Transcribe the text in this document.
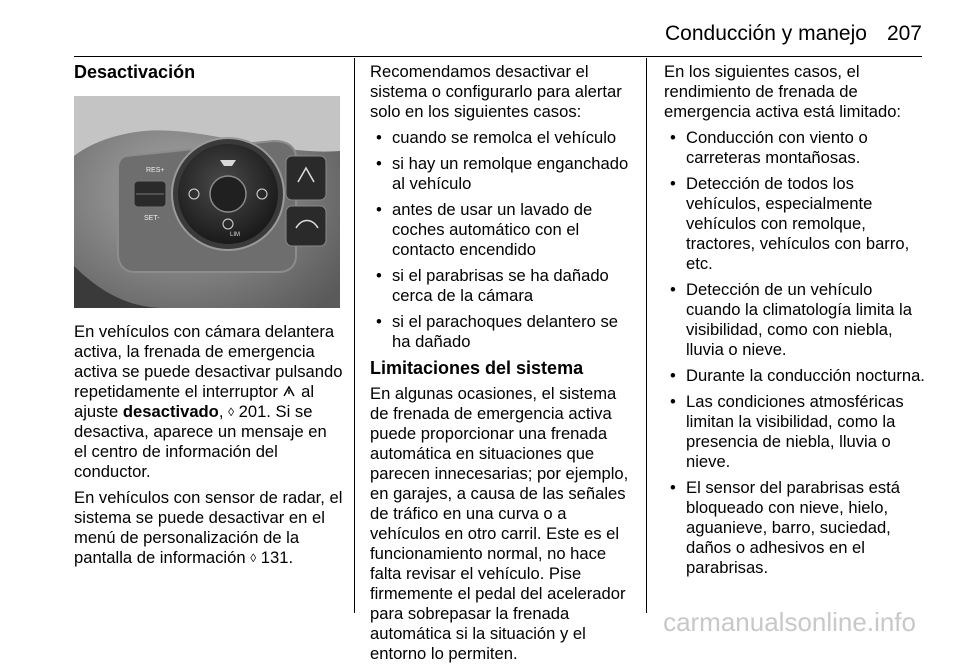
Conducción y manejo 207
Desactivación
RES+
SET-
LIM

En vehículos con cámara delantera activa, la frenada de emergencia activa se puede desactivar pulsando repetidamente el interruptor al ajuste desactivado, ◊ 201. Si se desactiva, aparece un mensaje en el centro de información del conductor.

En vehículos con sensor de radar, el sistema se puede desactivar en el menú de personalización de la pantalla de información ◊ 131.

Recomendamos desactivar el sistema o configurarlo para alertar solo en los siguientes casos:

• cuando se remolca el vehículo
• si hay un remolque enganchado al vehículo
• antes de usar un lavado de coches automático con el contacto encendido
• si el parabrisas se ha dañado cerca de la cámara
• si el parachoques delantero se ha dañado
Limitaciones del sistema

En algunas ocasiones, el sistema de frenada de emergencia activa puede proporcionar una frenada automática en situaciones que parecen innecesarias; por ejemplo, en garajes, a causa de las señales de tráfico en una curva o a vehículos en otro carril. Este es el funcionamiento normal, no hace falta revisar el vehículo. Pise firmemente el pedal del acelerador para sobrepasar la frenada automática si la situación y el entorno lo permiten.

En los siguientes casos, el rendimiento de frenada de emergencia activa está limitado:

• Conducción con viento o carreteras montañosas.
• Detección de todos los vehículos, especialmente vehículos con remolque, tractores, vehículos con barro, etc.
• Detección de un vehículo cuando la climatología limita la visibilidad, como con niebla, lluvia o nieve.
• Durante la conducción nocturna.
• Las condiciones atmosféricas limitan la visibilidad, como la presencia de niebla, lluvia o nieve.
• El sensor del parabrisas está bloqueado con nieve, hielo, aguanieve, barro, suciedad, daños o adhesivos en el parabrisas.
carmanualsonline.info
